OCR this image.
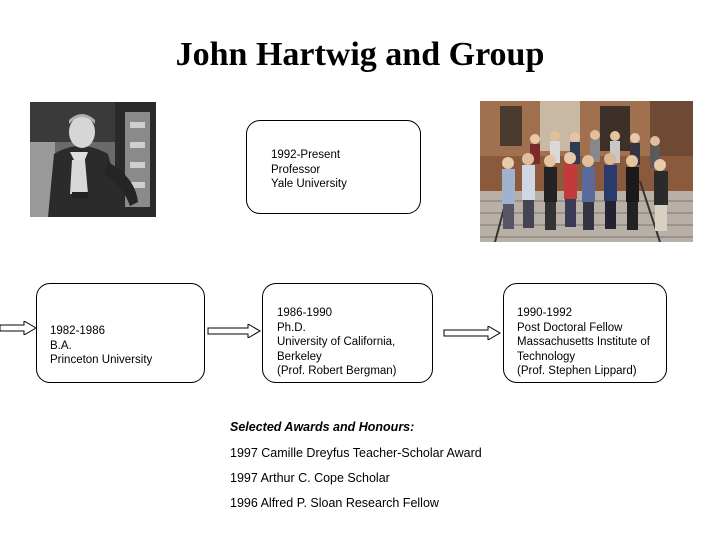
John Hartwig and Group
1992-Present
Professor
Yale University
1982-1986
B.A.
Princeton University
1986-1990
Ph.D.
University of California,
Berkeley
(Prof. Robert Bergman)
1990-1992
Post Doctoral Fellow
Massachusetts Institute of
Technology
(Prof. Stephen Lippard)
Selected Awards and Honours:
1997 Camille Dreyfus Teacher-Scholar Award
1997 Arthur C. Cope Scholar
1996 Alfred P. Sloan Research Fellow
